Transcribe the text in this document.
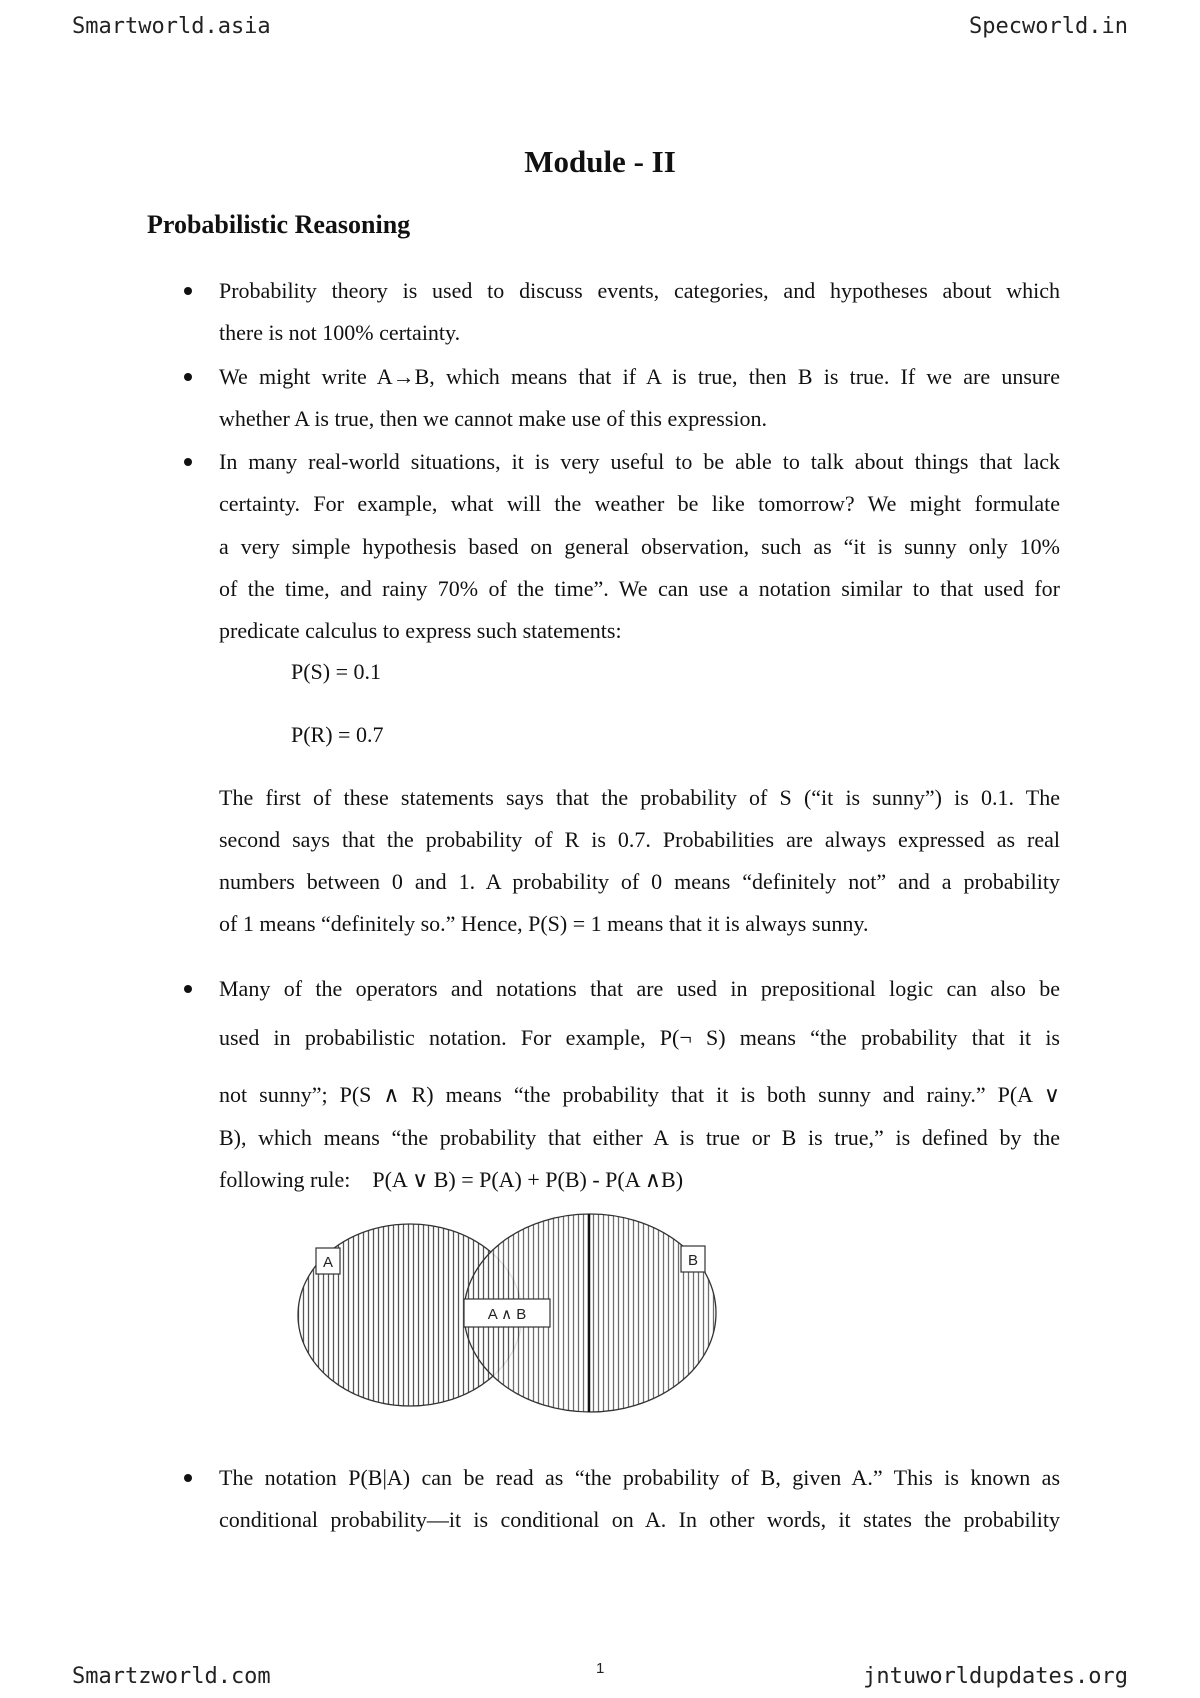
Smartworld.asia	Specworld.in
Module - II
Probabilistic Reasoning
Probability theory is used to discuss events, categories, and hypotheses about which
there is not 100% certainty.
We might write A→B, which means that if A is true, then B is true. If we are unsure
whether A is true, then we cannot make use of this expression.
In many real-world situations, it is very useful to be able to talk about things that lack
certainty. For example, what will the weather be like tomorrow? We might formulate
a very simple hypothesis based on general observation, such as “it is sunny only 10%
of the time, and rainy 70% of the time”. We can use a notation similar to that used for
predicate calculus to express such statements:
P(S) = 0.1
P(R) = 0.7
The first of these statements says that the probability of S (“it is sunny”) is 0.1. The
second says that the probability of R is 0.7. Probabilities are always expressed as real
numbers between 0 and 1. A probability of 0 means “definitely not” and a probability
of 1 means “definitely so.” Hence, P(S) = 1 means that it is always sunny.
Many of the operators and notations that are used in prepositional logic can also be
used in probabilistic notation. For example, P(¬ S) means “the probability that it is
not sunny”; P(S ∧ R) means “the probability that it is both sunny and rainy.” P(A ∨
B), which means “the probability that either A is true or B is true,” is defined by the
following rule:    P(A ∨ B) = P(A) + P(B) - P(A ∧B)
A	B
A ∧ B
The notation P(B|A) can be read as “the probability of B, given A.” This is known as
conditional probability—it is conditional on A. In other words, it states the probability
Smartzworld.com	1	jntuworldupdates.org
